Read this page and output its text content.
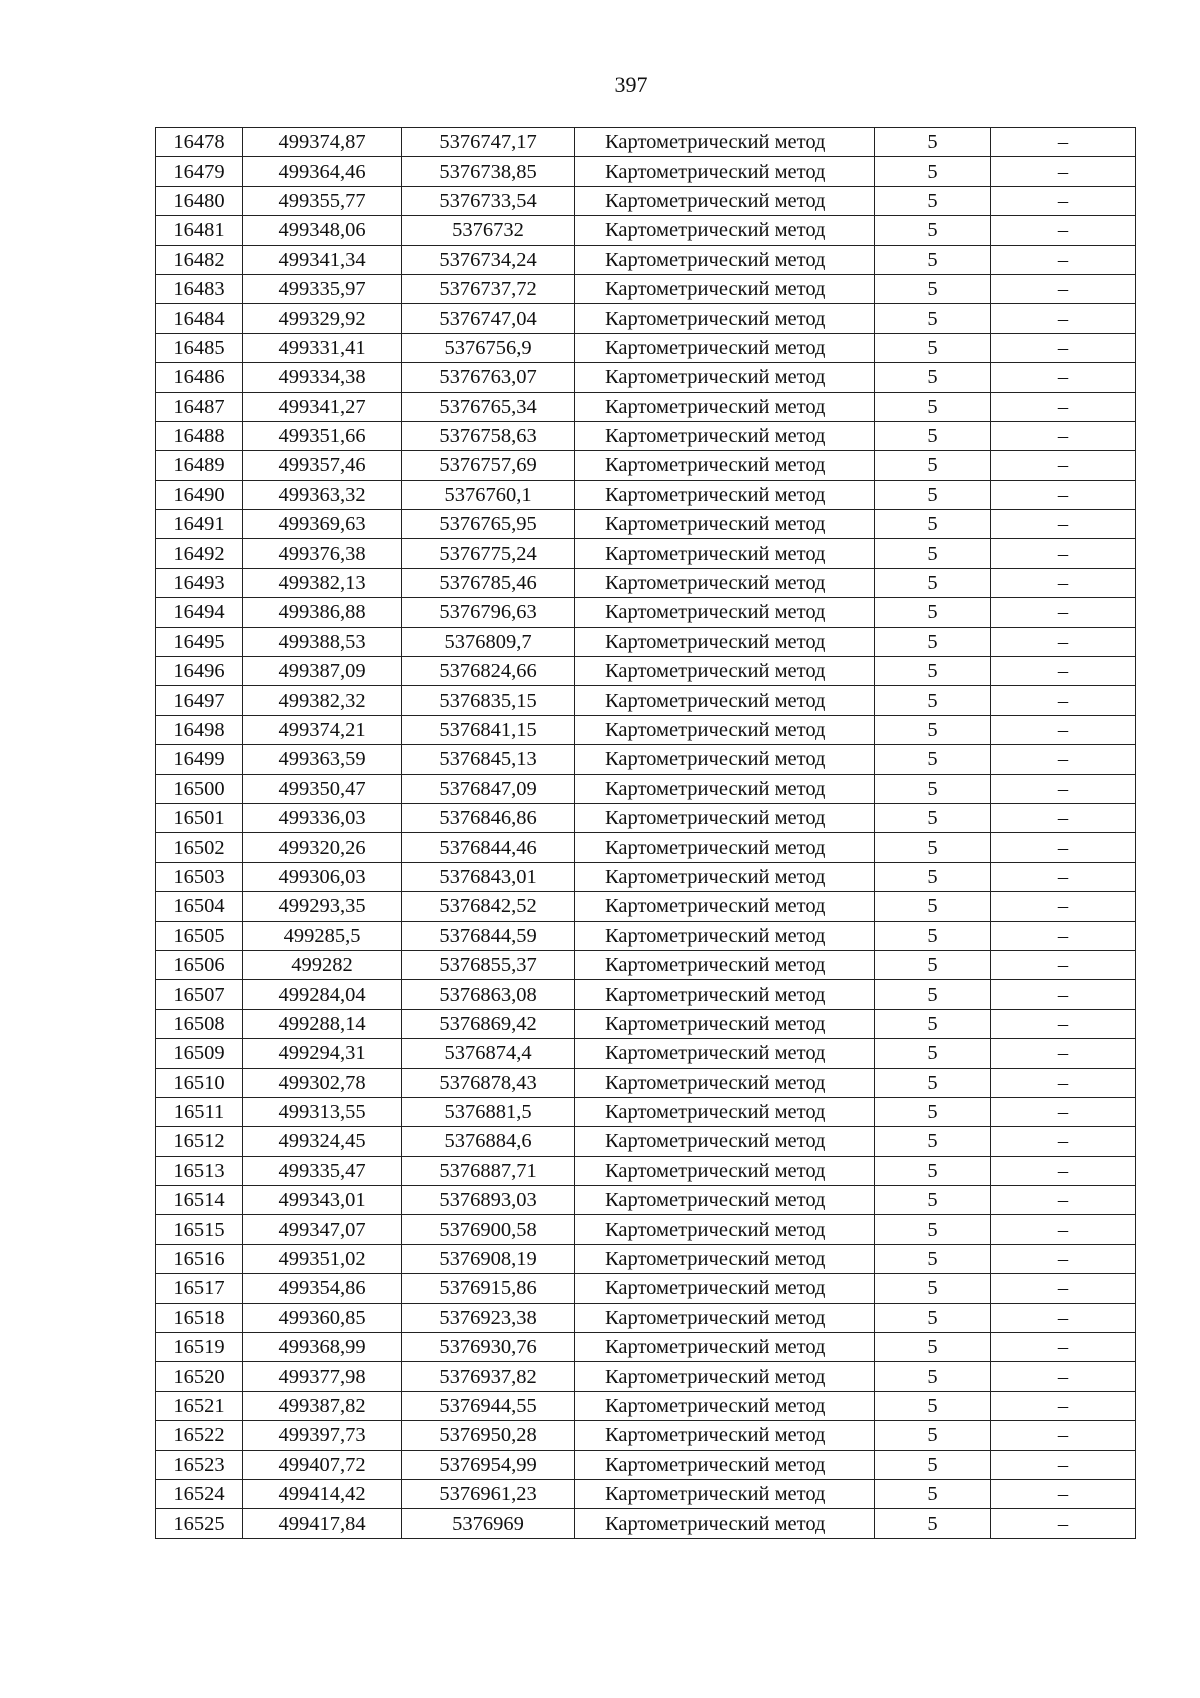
397
16478	499374,87	5376747,17	Картометрический метод	5	–
16479	499364,46	5376738,85	Картометрический метод	5	–
16480	499355,77	5376733,54	Картометрический метод	5	–
16481	499348,06	5376732	Картометрический метод	5	–
16482	499341,34	5376734,24	Картометрический метод	5	–
16483	499335,97	5376737,72	Картометрический метод	5	–
16484	499329,92	5376747,04	Картометрический метод	5	–
16485	499331,41	5376756,9	Картометрический метод	5	–
16486	499334,38	5376763,07	Картометрический метод	5	–
16487	499341,27	5376765,34	Картометрический метод	5	–
16488	499351,66	5376758,63	Картометрический метод	5	–
16489	499357,46	5376757,69	Картометрический метод	5	–
16490	499363,32	5376760,1	Картометрический метод	5	–
16491	499369,63	5376765,95	Картометрический метод	5	–
16492	499376,38	5376775,24	Картометрический метод	5	–
16493	499382,13	5376785,46	Картометрический метод	5	–
16494	499386,88	5376796,63	Картометрический метод	5	–
16495	499388,53	5376809,7	Картометрический метод	5	–
16496	499387,09	5376824,66	Картометрический метод	5	–
16497	499382,32	5376835,15	Картометрический метод	5	–
16498	499374,21	5376841,15	Картометрический метод	5	–
16499	499363,59	5376845,13	Картометрический метод	5	–
16500	499350,47	5376847,09	Картометрический метод	5	–
16501	499336,03	5376846,86	Картометрический метод	5	–
16502	499320,26	5376844,46	Картометрический метод	5	–
16503	499306,03	5376843,01	Картометрический метод	5	–
16504	499293,35	5376842,52	Картометрический метод	5	–
16505	499285,5	5376844,59	Картометрический метод	5	–
16506	499282	5376855,37	Картометрический метод	5	–
16507	499284,04	5376863,08	Картометрический метод	5	–
16508	499288,14	5376869,42	Картометрический метод	5	–
16509	499294,31	5376874,4	Картометрический метод	5	–
16510	499302,78	5376878,43	Картометрический метод	5	–
16511	499313,55	5376881,5	Картометрический метод	5	–
16512	499324,45	5376884,6	Картометрический метод	5	–
16513	499335,47	5376887,71	Картометрический метод	5	–
16514	499343,01	5376893,03	Картометрический метод	5	–
16515	499347,07	5376900,58	Картометрический метод	5	–
16516	499351,02	5376908,19	Картометрический метод	5	–
16517	499354,86	5376915,86	Картометрический метод	5	–
16518	499360,85	5376923,38	Картометрический метод	5	–
16519	499368,99	5376930,76	Картометрический метод	5	–
16520	499377,98	5376937,82	Картометрический метод	5	–
16521	499387,82	5376944,55	Картометрический метод	5	–
16522	499397,73	5376950,28	Картометрический метод	5	–
16523	499407,72	5376954,99	Картометрический метод	5	–
16524	499414,42	5376961,23	Картометрический метод	5	–
16525	499417,84	5376969	Картометрический метод	5	–
